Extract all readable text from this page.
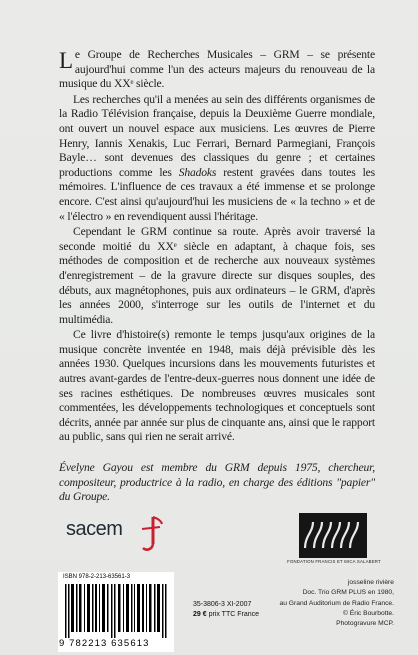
Le Groupe de Recherches Musicales – GRM – se présente aujourd'hui comme l'un des acteurs majeurs du renouveau de la musique du XXᵉ siècle.

Les recherches qu'il a menées au sein des différents organismes de la Radio Télévision française, depuis la Deuxième Guerre mondiale, ont ouvert un nouvel espace aux musiciens. Les œuvres de Pierre Henry, Iannis Xenakis, Luc Ferrari, Bernard Parmegiani, François Bayle… sont devenues des classiques du genre ; et certaines productions comme les Shadoks restent gravées dans toutes les mémoires. L'influence de ces travaux a été immense et se prolonge encore. C'est ainsi qu'aujourd'hui les musiciens de « la techno » et de « l'électro » en revendiquent aussi l'héritage.

Cependant le GRM continue sa route. Après avoir traversé la seconde moitié du XXᵉ siècle en adaptant, à chaque fois, ses méthodes de composition et de recherche aux nouveaux systèmes d'enregistrement – de la gravure directe sur disques souples, des débuts, aux magnétophones, puis aux ordinateurs – le GRM, d'après les années 2000, s'interroge sur les outils de l'internet et du multimédia.

Ce livre d'histoire(s) remonte le temps jusqu'aux origines de la musique concrète inventée en 1948, mais déjà prévisible dès les années 1930. Quelques incursions dans les mouvements futuristes et autres avant-gardes de l'entre-deux-guerres nous donnent une idée de ses racines esthétiques. De nombreuses œuvres musicales sont commentées, les développements technologiques et conceptuels sont décrits, année par année sur plus de cinquante ans, ainsi que le rapport au public, sans qui rien ne serait arrivé.

Évelyne Gayou est membre du GRM depuis 1975, chercheur, compositeur, productrice à la radio, en charge des éditions "papier" du Groupe.

sacem
FONDATION FRANCIS ET MICA SALABERT
ISBN 978-2-213-63561-3
9 782213 635613
35-3806-3 XI-2007
29 € prix TTC France
josseline rivière
Doc. Trio GRM PLUS en 1980,
au Grand Auditorium de Radio France.
© Éric Bourbotte.
Photogravure MCP.
